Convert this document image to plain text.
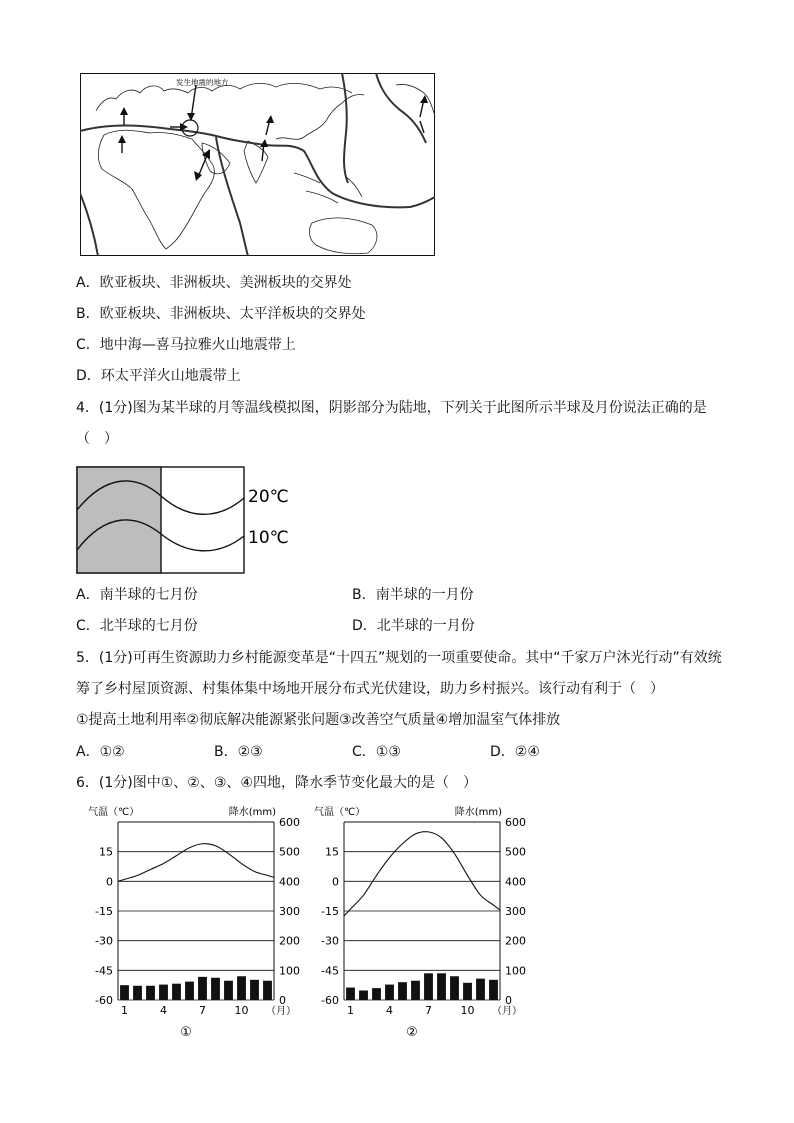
发生地震的地方
A．欧亚板块、非洲板块、美洲板块的交界处
B．欧亚板块、非洲板块、太平洋板块的交界处
C．地中海—喜马拉雅火山地震带上
D．环太平洋火山地震带上
4．(1分)图为某半球的月等温线模拟图，阴影部分为陆地，下列关于此图所示半球及月份说法正确的是
（　）
20℃
10℃
A．南半球的七月份	B．南半球的一月份
C．北半球的七月份	D．北半球的一月份
5．(1分)可再生资源助力乡村能源变革是“十四五”规划的一项重要使命。其中“千家万户沐光行动”有效统
筹了乡村屋顶资源、村集体集中场地开展分布式光伏建设，助力乡村振兴。该行动有利于（　）
①提高土地利用率②彻底解决能源紧张问题③改善空气质量④增加温室气体排放
A．①②	B．②③	C．①③	D．②④
6．(1分)图中①、②、③、④四地，降水季节变化最大的是（　）
15
0
-15
-30
-45
-60
600
500
400
300
200
100
0
气温（℃）	降水(mm)
1	4	7	10 （月）
①
15
0
-15
-30
-45
-60
600
500
400
300
200
100
0
气温（℃）	降水(mm)
1	4	7	10 （月）
②
